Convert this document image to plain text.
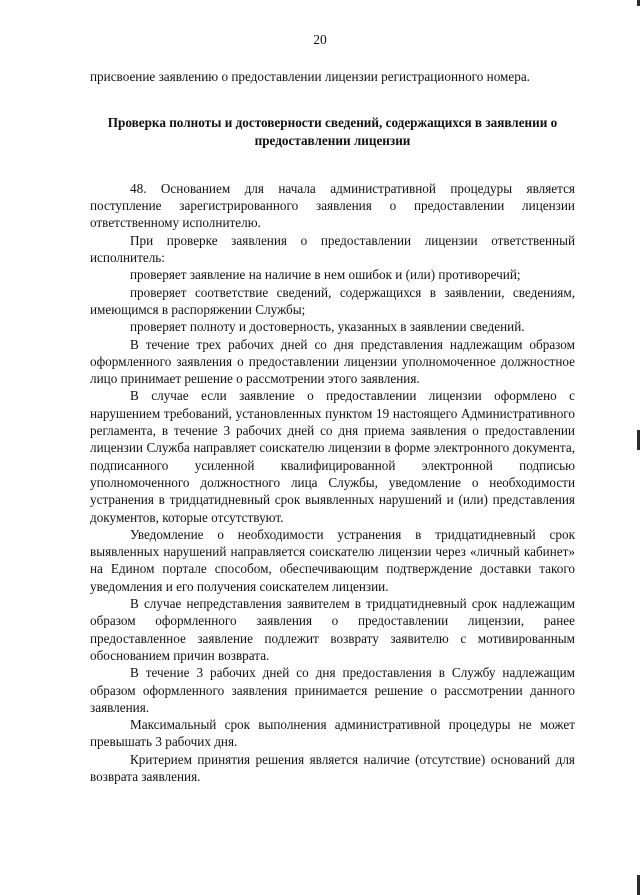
20

присвоение заявлению о предоставлении лицензии регистрационного номера.

Проверка полноты и достоверности сведений, содержащихся в заявлении о предоставлении лицензии

48. Основанием для начала административной процедуры является поступление зарегистрированного заявления о предоставлении лицензии ответственному исполнителю.

При проверке заявления о предоставлении лицензии ответственный исполнитель:

проверяет заявление на наличие в нем ошибок и (или) противоречий;

проверяет соответствие сведений, содержащихся в заявлении, сведениям, имеющимся в распоряжении Службы;

проверяет полноту и достоверность, указанных в заявлении сведений.

В течение трех рабочих дней со дня представления надлежащим образом оформленного заявления о предоставлении лицензии уполномоченное должностное лицо принимает решение о рассмотрении этого заявления.

В случае если заявление о предоставлении лицензии оформлено с нарушением требований, установленных пунктом 19 настоящего Административного регламента, в течение 3 рабочих дней со дня приема заявления о предоставлении лицензии Служба направляет соискателю лицензии в форме электронного документа, подписанного усиленной квалифицированной электронной подписью уполномоченного должностного лица Службы, уведомление о необходимости устранения в тридцатидневный срок выявленных нарушений и (или) представления документов, которые отсутствуют.

Уведомление о необходимости устранения в тридцатидневный срок выявленных нарушений направляется соискателю лицензии через «личный кабинет» на Едином портале способом, обеспечивающим подтверждение доставки такого уведомления и его получения соискателем лицензии.

В случае непредставления заявителем в тридцатидневный срок надлежащим образом оформленного заявления о предоставлении лицензии, ранее предоставленное заявление подлежит возврату заявителю с мотивированным обоснованием причин возврата.

В течение 3 рабочих дней со дня предоставления в Службу надлежащим образом оформленного заявления принимается решение о рассмотрении данного заявления.

Максимальный срок выполнения административной процедуры не может превышать 3 рабочих дня.

Критерием принятия решения является наличие (отсутствие) оснований для возврата заявления.
